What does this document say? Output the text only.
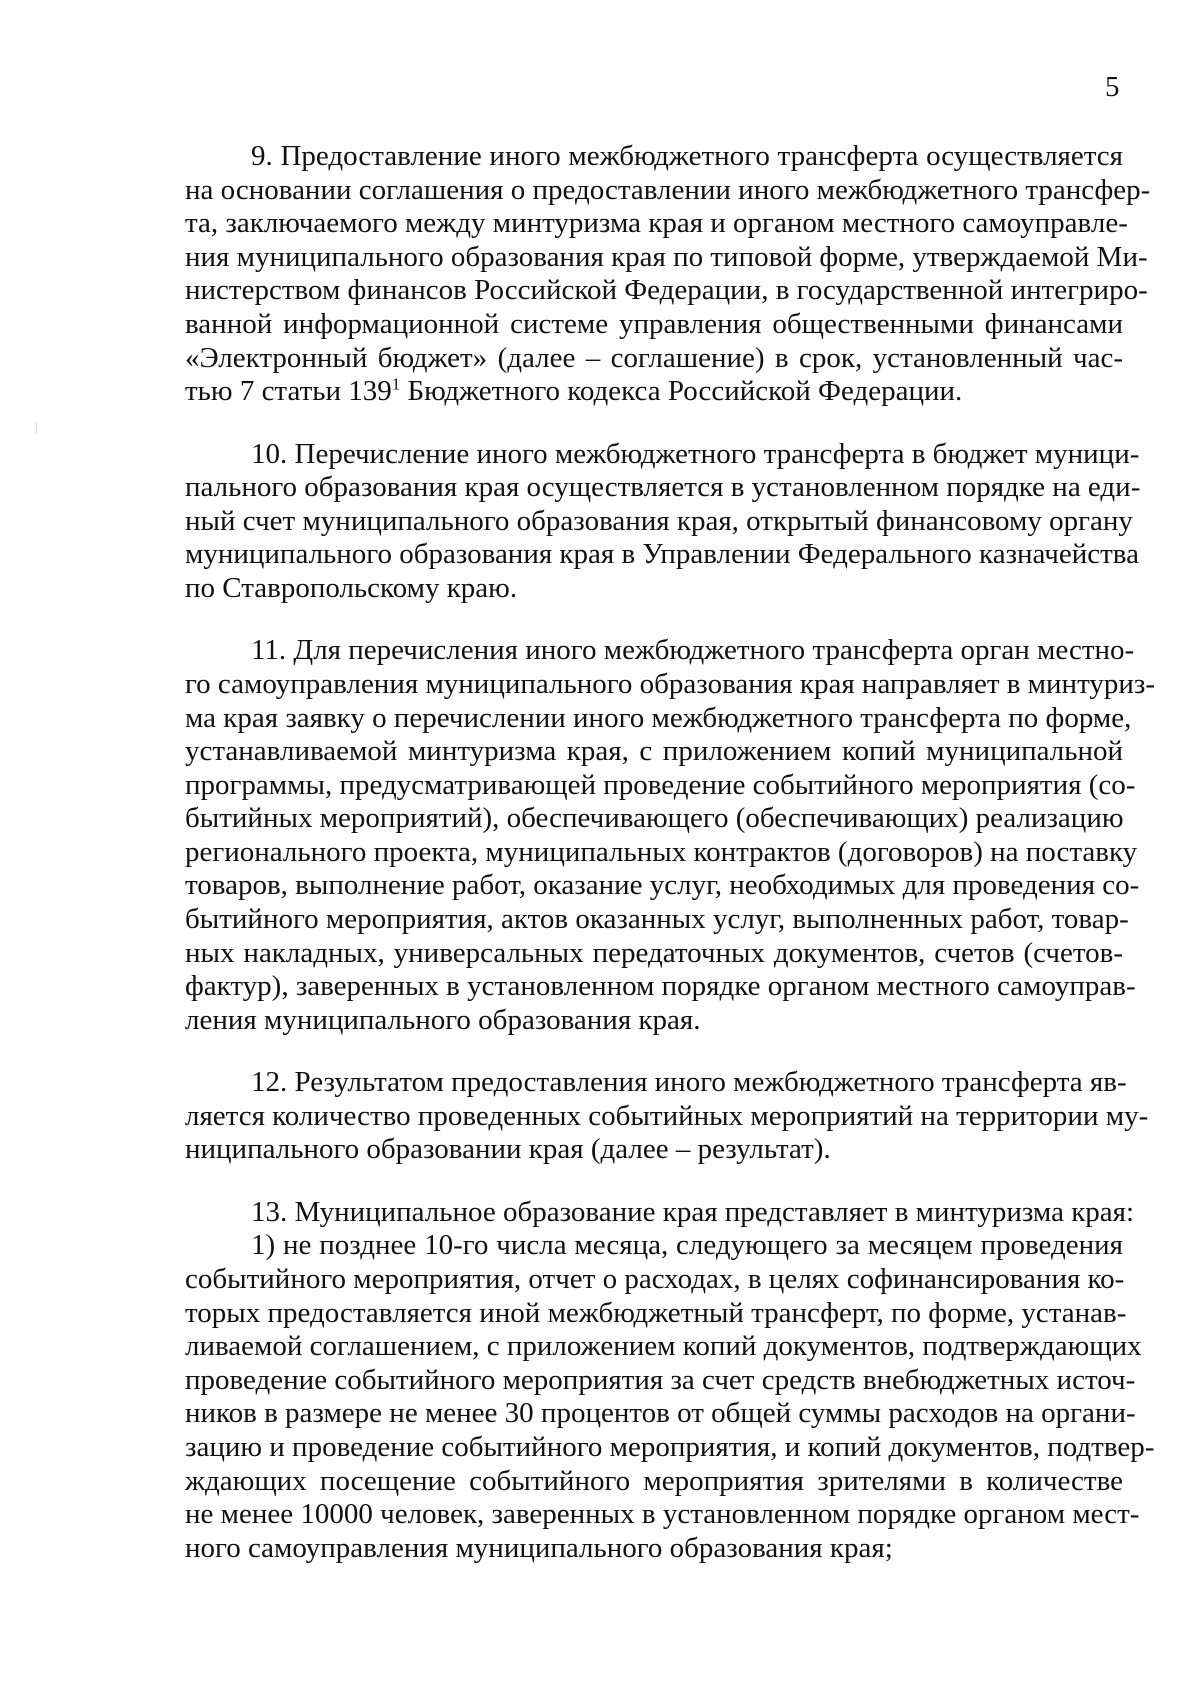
5

9. Предоставление иного межбюджетного трансферта осуществляется
на основании соглашения о предоставлении иного межбюджетного трансфер-
та, заключаемого между минтуризма края и органом местного самоуправле-
ния муниципального образования края по типовой форме, утверждаемой Ми-
нистерством финансов Российской Федерации, в государственной интегриро-
ванной информационной системе управления общественными финансами
«Электронный бюджет» (далее – соглашение) в срок, установленный час-
тью 7 статьи $139^1$ Бюджетного кодекса Российской Федерации.

10. Перечисление иного межбюджетного трансферта в бюджет муници-
пального образования края осуществляется в установленном порядке на еди-
ный счет муниципального образования края, открытый финансовому органу
муниципального образования края в Управлении Федерального казначейства
по Ставропольскому краю.

11. Для перечисления иного межбюджетного трансферта орган местно-
го самоуправления муниципального образования края направляет в минтуриз-
ма края заявку о перечислении иного межбюджетного трансферта по форме,
устанавливаемой минтуризма края, с приложением копий муниципальной
программы, предусматривающей проведение событийного мероприятия (со-
бытийных мероприятий), обеспечивающего (обеспечивающих) реализацию
регионального проекта, муниципальных контрактов (договоров) на поставку
товаров, выполнение работ, оказание услуг, необходимых для проведения со-
бытийного мероприятия, актов оказанных услуг, выполненных работ, товар-
ных накладных, универсальных передаточных документов, счетов (счетов-
фактур), заверенных в установленном порядке органом местного самоуправ-
ления муниципального образования края.

12. Результатом предоставления иного межбюджетного трансферта яв-
ляется количество проведенных событийных мероприятий на территории му-
ниципального образовании края (далее – результат).

13. Муниципальное образование края представляет в минтуризма края:

1) не позднее 10-го числа месяца, следующего за месяцем проведения
событийного мероприятия, отчет о расходах, в целях софинансирования ко-
торых предоставляется иной межбюджетный трансферт, по форме, устанав-
ливаемой соглашением, с приложением копий документов, подтверждающих
проведение событийного мероприятия за счет средств внебюджетных источ-
ников в размере не менее 30 процентов от общей суммы расходов на органи-
зацию и проведение событийного мероприятия, и копий документов, подтвер-
ждающих посещение событийного мероприятия зрителями в количестве
не менее 10000 человек, заверенных в установленном порядке органом мест-
ного самоуправления муниципального образования края;
